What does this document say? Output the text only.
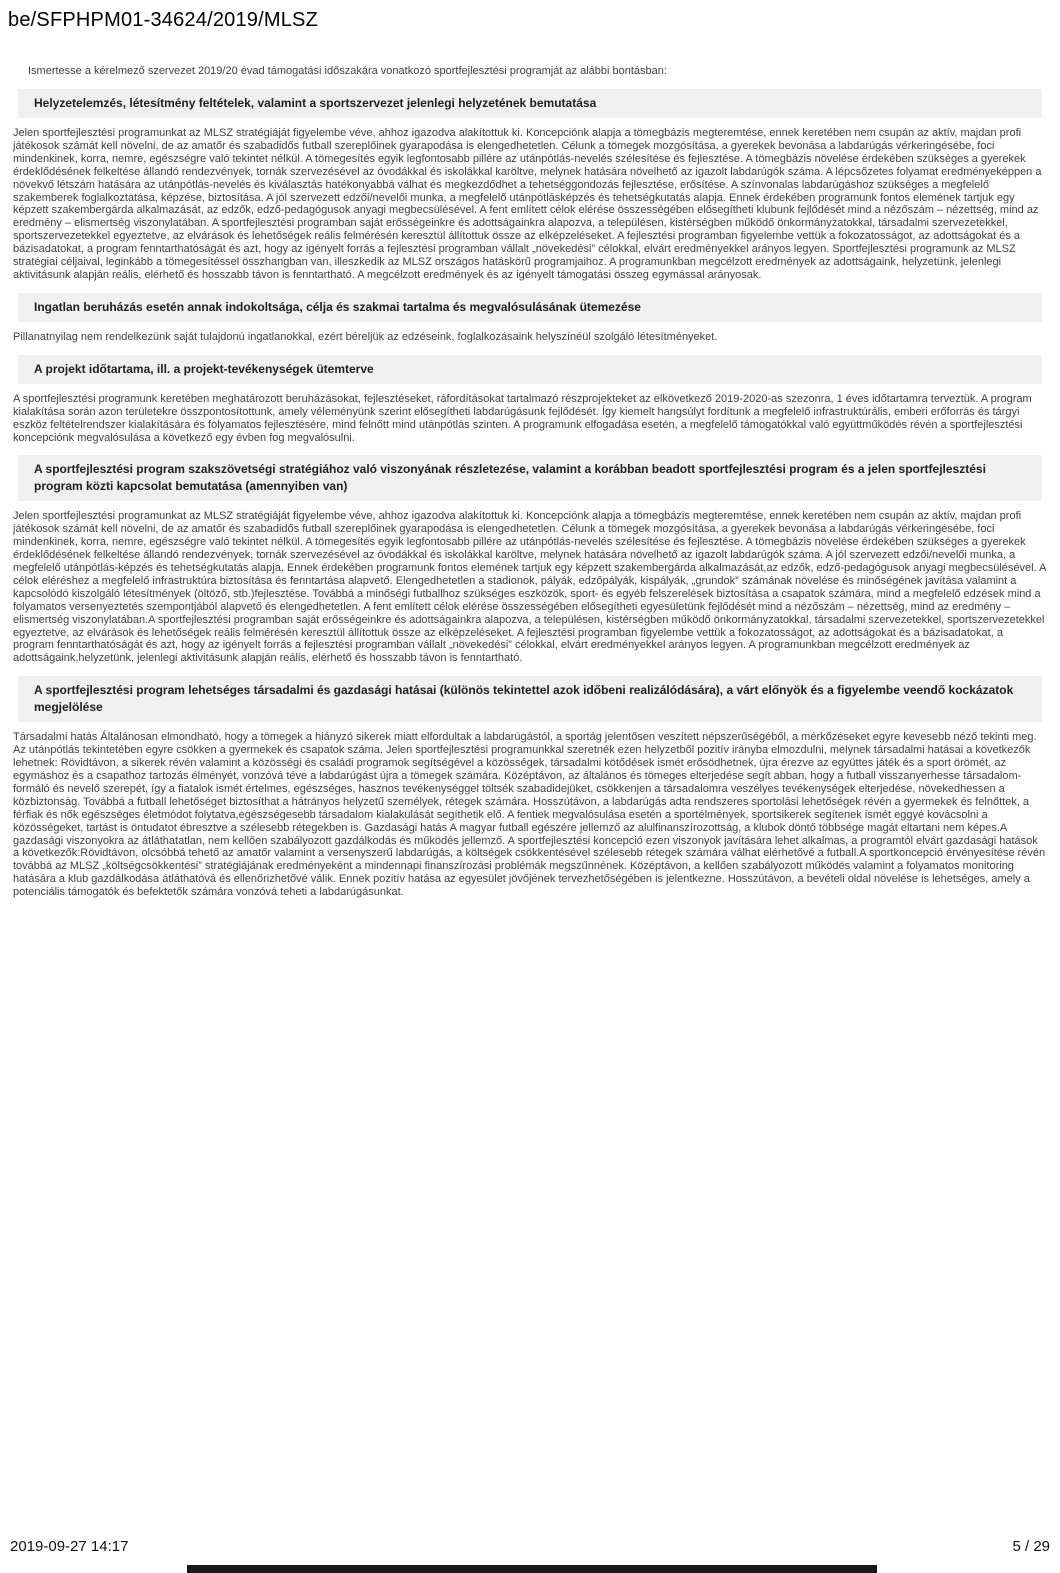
be/SFPHPM01-34624/2019/MLSZ
Ismertesse a kérelmező szervezet 2019/20 évad támogatási időszakára vonatkozó sportfejlesztési programját az alábbi bontásban:
Helyzetelemzés, létesítmény feltételek, valamint a sportszervezet jelenlegi helyzetének bemutatása

Jelen sportfejlesztési programunkat az MLSZ stratégiáját figyelembe véve, ahhoz igazodva alakítottuk ki. Koncepciónk alapja a tömegbázis megteremtése, ennek keretében nem csupán az aktív, majdan profi játékosok számát kell növelni, de az amatőr és szabadidős futball szereplőinek gyarapodása is elengedhetetlen. Célunk a tömegek mozgósítása, a gyerekek bevonása a labdarúgás vérkeringésébe, foci mindenkinek, korra, nemre, egészségre való tekintet nélkül. A tömegesítés egyik legfontosabb pillére az utánpótlás-nevelés szélesítése és fejlesztése. A tömegbázis növelése érdekében szükséges a gyerekek érdeklődésének felkeltése állandó rendezvények, tornák szervezésével az óvodákkal és iskolákkal karöltve, melynek hatására növelhető az igazolt labdarúgók száma. A lépcsőzetes folyamat eredményeképpen a növekvő létszám hatására az utánpótlás-nevelés és kiválasztás hatékonyabbá válhat és megkezdődhet a tehetséggondozás fejlesztése, erősítése. A színvonalas labdarúgáshoz szükséges a megfelelő szakemberek foglalkoztatása, képzése, biztosítása. A jól szervezett edzői/nevelői munka, a megfelelő utánpótlásképzés és tehetségkutatás alapja. Ennek érdekében programunk fontos elemének tartjuk egy képzett szakembergárda alkalmazását, az edzők, edző-pedagógusok anyagi megbecsülésével. A fent említett célok elérése összességében elősegítheti klubunk fejlődését mind a nézőszám – nézettség, mind az eredmény – elismertség viszonylatában. A sportfejlesztési programban saját erősségeinkre és adottságainkra alapozva, a településen, kistérségben működő önkormányzatokkal, társadalmi szervezetekkel, sportszervezetekkel egyeztetve, az elvárások és lehetőségek reális felmérésén keresztül állítottuk össze az elképzeléseket. A fejlesztési programban figyelembe vettük a fokozatosságot, az adottságokat és a bázisadatokat, a program fenntarthatóságát és azt, hogy az igényelt forrás a fejlesztési programban vállalt „növekedési” célokkal, elvárt eredményekkel arányos legyen. Sportfejlesztési programunk az MLSZ stratégiai céljaival, leginkább a tömegesítéssel összhangban van, illeszkedik az MLSZ országos hatáskörű programjaihoz. A programunkban megcélzott eredmények az adottságaink, helyzetünk, jelenlegi aktivitásunk alapján reális, elérhető és hosszabb távon is fenntartható. A megcélzott eredmények és az igényelt támogatási összeg egymással arányosak.

Ingatlan beruházás esetén annak indokoltsága, célja és szakmai tartalma és megvalósulásának ütemezése

Pillanatnyilag nem rendelkezünk saját tulajdonú ingatlanokkal, ezért béreljük az edzéseink, foglalkozásaink helyszínéül szolgáló létesítményeket.

A projekt időtartama, ill. a projekt-tevékenységek ütemterve

A sportfejlesztési programunk keretében meghatározott beruházásokat, fejlesztéseket, ráfordításokat tartalmazó részprojekteket az elkövetkező 2019-2020-as szezonra, 1 éves időtartamra terveztük. A program kialakítása során azon területekre összpontosítottunk, amely véleményünk szerint elősegítheti labdarúgásunk fejlődését. Így kiemelt hangsúlyt fordítunk a megfelelő infrastruktúrális, emberi erőforrás és tárgyi eszköz feltételrendszer kialakítására és folyamatos fejlesztésére, mind felnőtt mind utánpótlás szinten. A programunk elfogadása esetén, a megfelelő támogatókkal való együttműködés révén a sportfejlesztési koncepciónk megvalósulása a következő egy évben fog megvalósulni.

A sportfejlesztési program szakszövetségi stratégiához való viszonyának részletezése, valamint a korábban beadott sportfejlesztési program és a jelen sportfejlesztési program közti kapcsolat bemutatása (amennyiben van)

Jelen sportfejlesztési programunkat az MLSZ stratégiáját figyelembe véve, ahhoz igazodva alakítottuk ki. Koncepciónk alapja a tömegbázis megteremtése, ennek keretében nem csupán az aktív, majdan profi játékosok számát kell növelni, de az amatőr és szabadidős futball szereplőinek gyarapodása is elengedhetetlen. Célunk a tömegek mozgósítása, a gyerekek bevonása a labdarúgás vérkeringésébe, foci mindenkinek, korra, nemre, egészségre való tekintet nélkül. A tömegesítés egyik legfontosabb pillére az utánpótlás-nevelés szélesítése és fejlesztése. A tömegbázis növelése érdekében szükséges a gyerekek érdeklődésének felkeltése állandó rendezvények, tornák szervezésével az óvodákkal és iskolákkal karöltve, melynek hatására növelhető az igazolt labdarúgók száma. A jól szervezett edzői/nevelői munka, a megfelelő utánpótlás-képzés és tehetségkutatás alapja. Ennek érdekében programunk fontos elemének tartjuk egy képzett szakembergárda alkalmazását,az edzők, edző-pedagógusok anyagi megbecsülésével. A célok eléréshez a megfelelő infrastruktúra biztosítása és fenntartása alapvető. Elengedhetetlen a stadionok, pályák, edzőpályák, kispályák, „grundok” számának növelése és minőségének javítása valamint a kapcsolódó kiszolgáló létesítmények (öltöző, stb.)fejlesztése. Továbbá a minőségi futballhoz szükséges eszközök, sport- és egyéb felszerelések biztosítása a csapatok számára, mind a megfelelő edzések mind a folyamatos versenyeztetés szempontjából alapvető és elengedhetetlen. A fent említett célok elérése összességében elősegítheti egyesületünk fejlődését mind a nézőszám – nézettség, mind az eredmény – elismertség viszonylatában.A sportfejlesztési programban saját erősségeinkre és adottságainkra alapozva, a településen, kistérségben működő önkormányzatokkal, társadalmi szervezetekkel, sportszervezetekkel egyeztetve, az elvárások és lehetőségek reális felmérésén keresztül állítottuk össze az elképzeléseket. A fejlesztési programban figyelembe vettük a fokozatosságot, az adottságokat és a bázisadatokat, a program fenntarthatóságát és azt, hogy az igényelt forrás a fejlesztési programban vállalt „növekedési” célokkal, elvárt eredményekkel arányos legyen. A programunkban megcélzott eredmények az adottságaink,helyzetünk, jelenlegi aktivitásunk alapján reális, elérhető és hosszabb távon is fenntartható.

A sportfejlesztési program lehetséges társadalmi és gazdasági hatásai (különös tekintettel azok időbeni realizálódására), a várt előnyök és a figyelembe veendő kockázatok megjelölése

Társadalmi hatás Általánosan elmondható, hogy a tömegek a hiányzó sikerek miatt elfordultak a labdarúgástól, a sportág jelentősen veszített népszerűségéből, a mérkőzéseket egyre kevesebb néző tekinti meg. Az utánpótlás tekintetében egyre csökken a gyermekek és csapatok száma. Jelen sportfejlesztési programunkkal szeretnék ezen helyzetből pozitív irányba elmozdulni, melynek társadalmi hatásai a következők lehetnek: Rövidtávon, a sikerek révén valamint a közösségi és családi programok segítségével a közösségek, társadalmi kötődések ismét erősödhetnek, újra érezve az együttes játék és a sport örömét, az egymáshoz és a csapathoz tartozás élményét, vonzóvá téve a labdarúgást újra a tömegek számára. Középtávon, az általános és tömeges elterjedése segít abban, hogy a futball visszanyerhesse társadalom-formáló és nevelő szerepét, így a fiatalok ismét értelmes, egészséges, hasznos tevékenységgel töltsék szabadidejüket, csökkenjen a társadalomra veszélyes tevékenységek elterjedése, növekedhessen a közbiztonság. Továbbá a futball lehetőséget biztosíthat a hátrányos helyzetű személyek, rétegek számára. Hosszútávon, a labdarúgás adta rendszeres sportolási lehetőségek révén a gyermekek és felnőttek, a férfiak és nők egészséges életmódot folytatva,egészségesebb társadalom kialakulását segíthetik elő. A fentiek megvalósulása esetén a sportélmények, sportsikerek segítenek ismét eggyé kovácsolni a közösségeket, tartást is öntudatot ébresztve a szélesebb rétegekben is. Gazdasági hatás A magyar futball egészére jellemző az alulfinanszírozottság, a klubok döntő többsége magát eltartani nem képes.A gazdasági viszonyokra az átláthatatlan, nem kellően szabályozott gazdálkodás és működés jellemző. A sportfejlesztési koncepció ezen viszonyok javítására lehet alkalmas, a programtól elvárt gazdasági hatások a következők:Rövidtávon, olcsóbbá tehető az amatőr valamint a versenyszerű labdarúgás, a költségek csökkentésével szélesebb rétegek számára válhat elérhetővé a futball.A sportkoncepció érvényesítése révén továbbá az MLSZ „költségcsökkentési” stratégiájának eredményeként a mindennapi finanszírozási problémák megszűnnének. Középtávon, a kellően szabályozott működés valamint a folyamatos monitoring hatására a klub gazdálkodása átláthatóvá és ellenőrizhetővé válik. Ennek pozitív hatása az egyesület jövőjének tervezhetőségében is jelentkezne. Hosszútávon, a bevételi oldal növelése is lehetséges, amely a potenciális támogatók és befektetők számára vonzóvá teheti a labdarúgásunkat.

2019-09-27 14:17	5 / 29
